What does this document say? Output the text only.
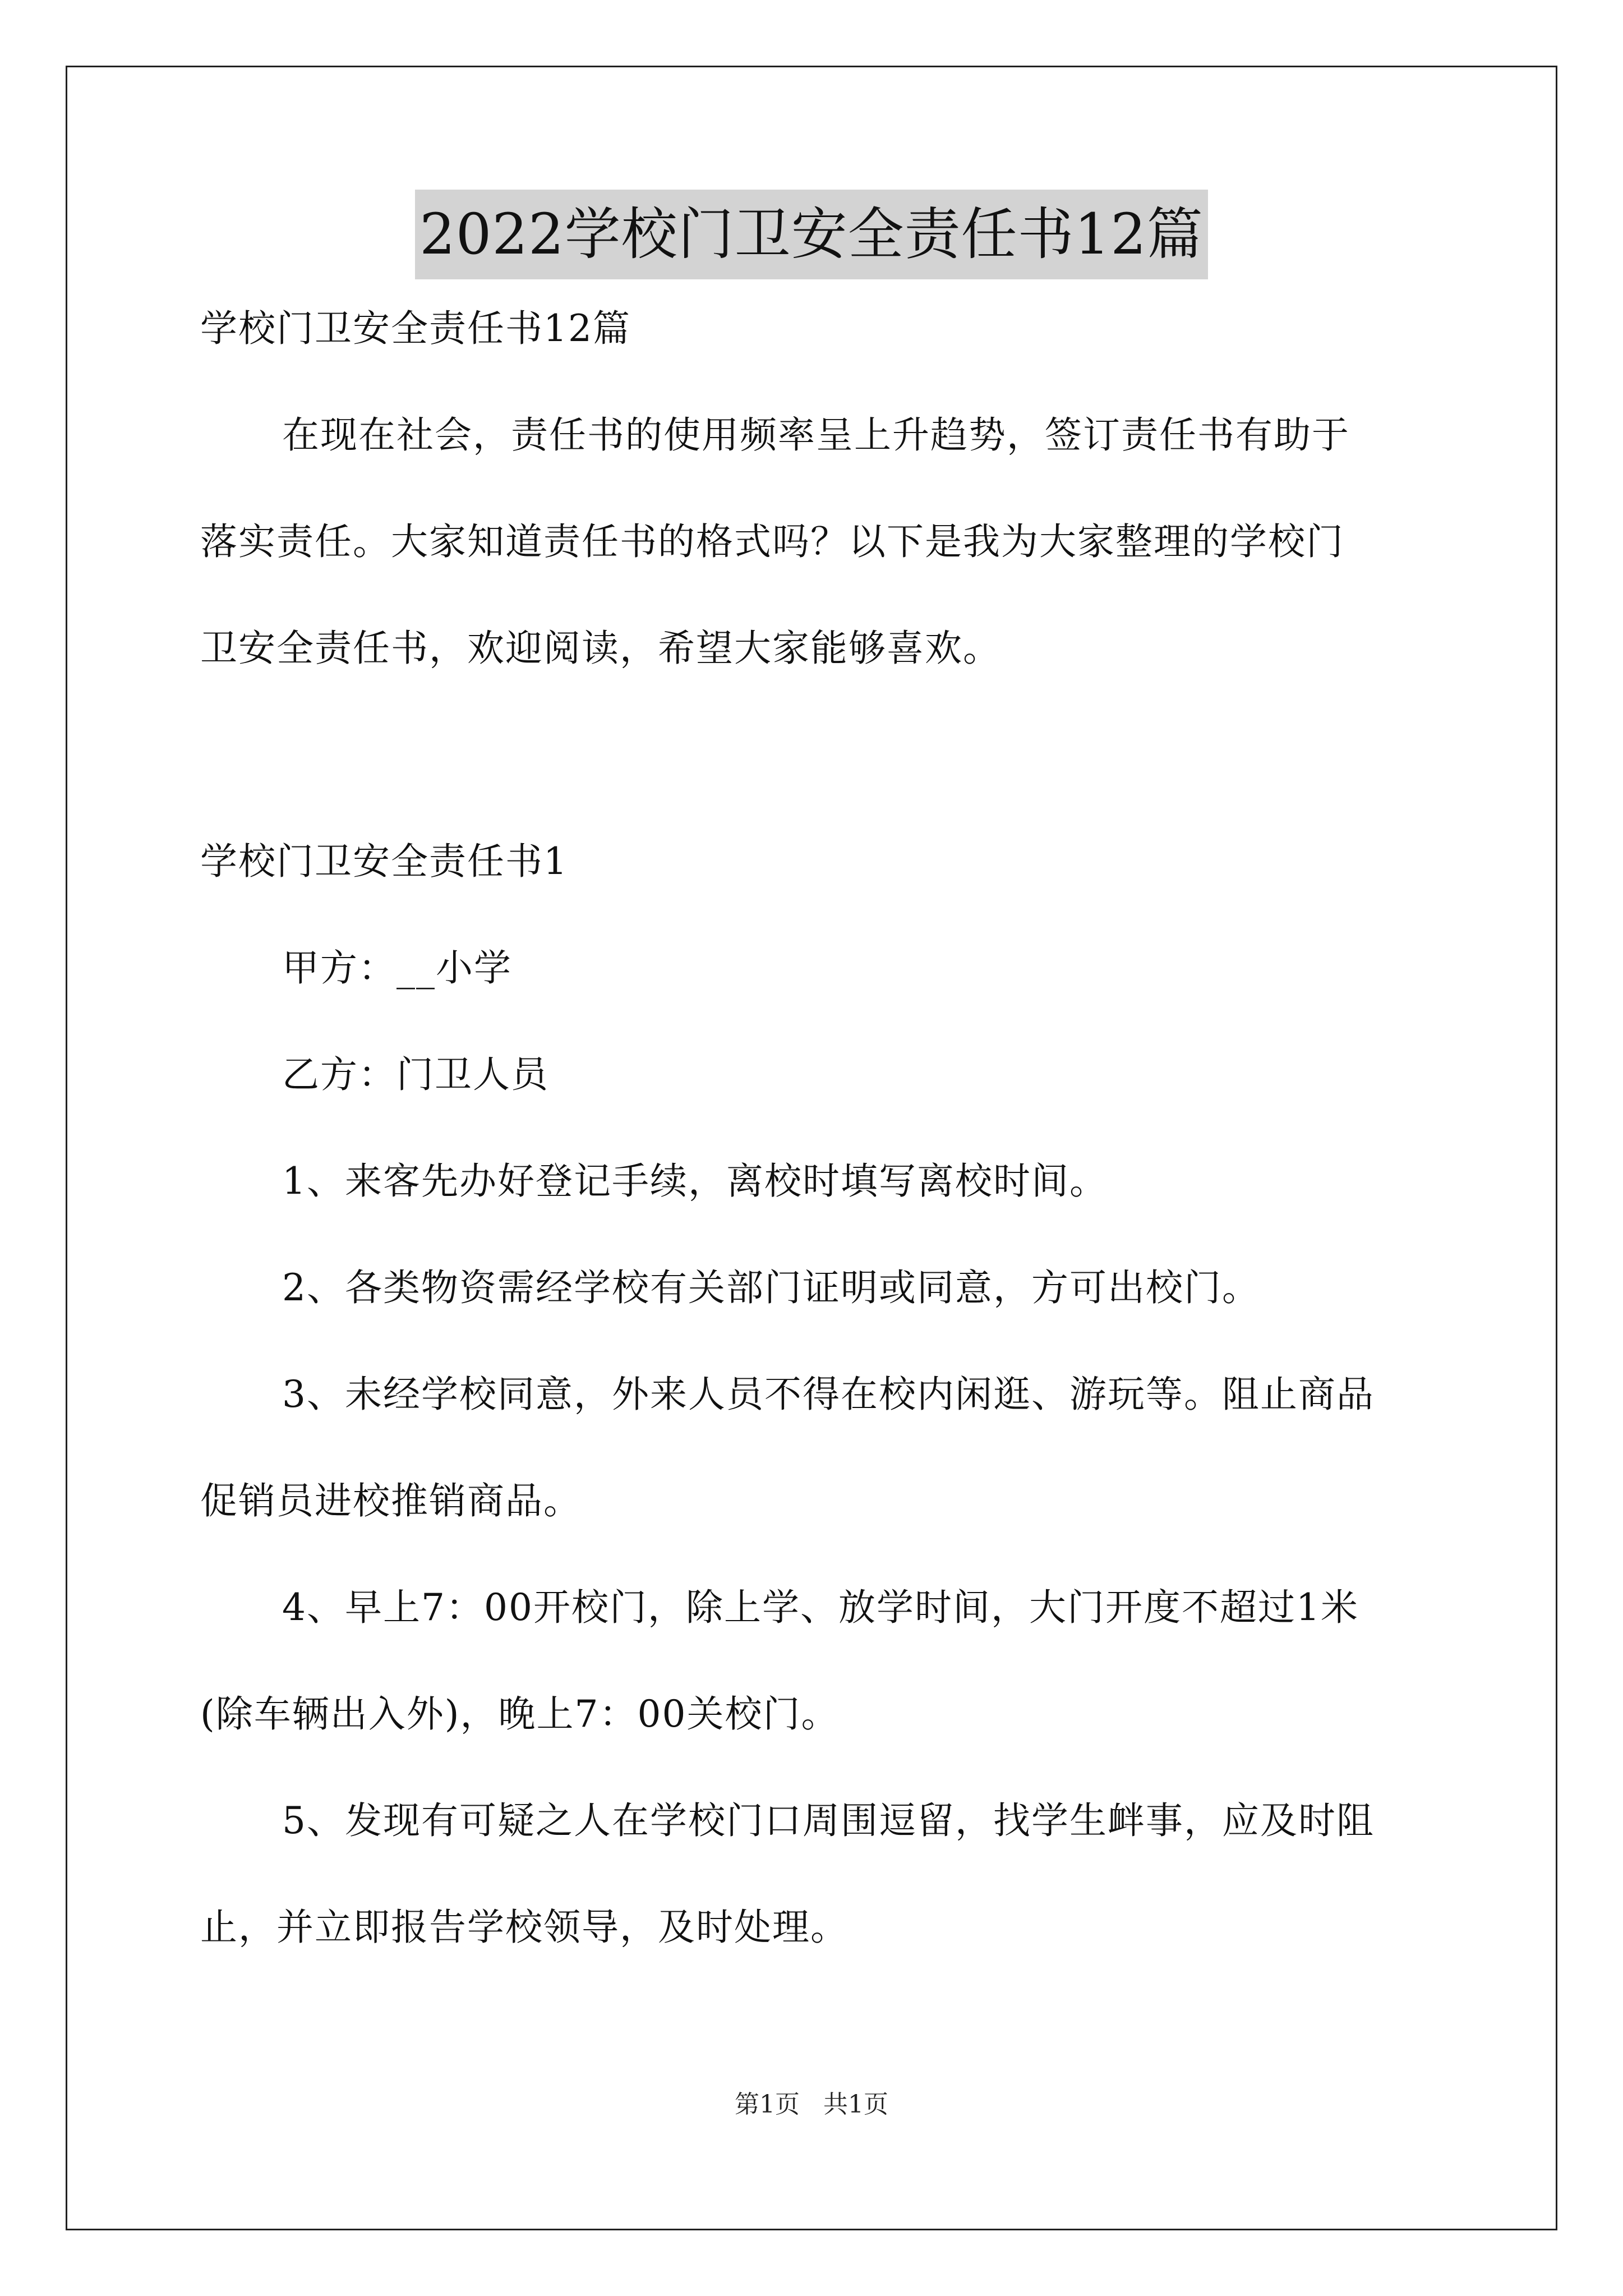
2022学校门卫安全责任书12篇
学校门卫安全责任书12篇
在现在社会，责任书的使用频率呈上升趋势，签订责任书有助于
落实责任。大家知道责任书的格式吗？以下是我为大家整理的学校门
卫安全责任书，欢迎阅读，希望大家能够喜欢。
学校门卫安全责任书1
甲方：__小学
乙方：门卫人员
1、来客先办好登记手续，离校时填写离校时间。
2、各类物资需经学校有关部门证明或同意，方可出校门。
3、未经学校同意，外来人员不得在校内闲逛、游玩等。阻止商品
促销员进校推销商品。
4、早上7：00开校门，除上学、放学时间，大门开度不超过1米
(除车辆出入外)，晚上7：00关校门。
5、发现有可疑之人在学校门口周围逗留，找学生衅事，应及时阻
止，并立即报告学校领导，及时处理。
第1页   共1页
